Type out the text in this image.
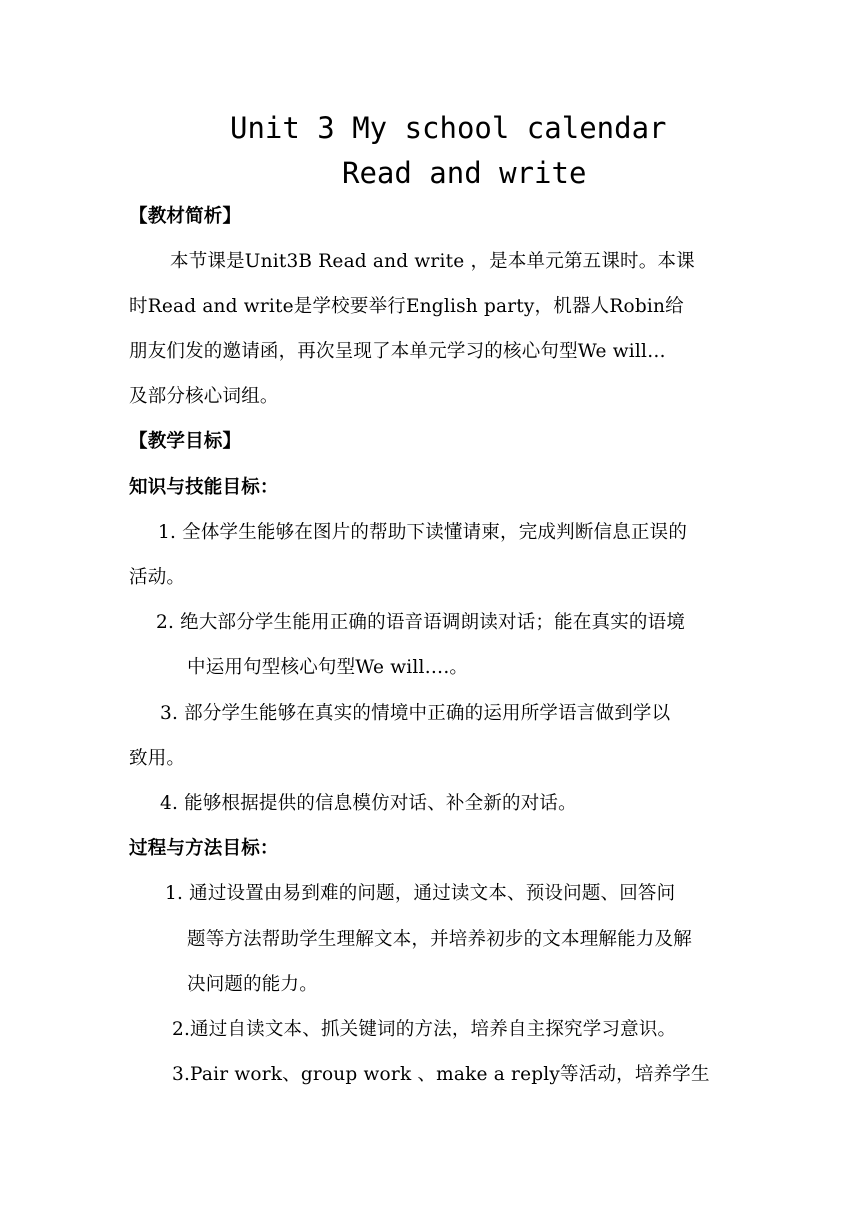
Unit 3 My school calendar
Read and write
【教材简析】
本节课是Unit3B Read and write ，是本单元第五课时。本课
时Read and write是学校要举行English party，机器人Robin给
朋友们发的邀请函，再次呈现了本单元学习的核心句型We will…
及部分核心词组。
【教学目标】
知识与技能目标：
1. 全体学生能够在图片的帮助下读懂请柬，完成判断信息正误的
活动。
2. 绝大部分学生能用正确的语音语调朗读对话；能在真实的语境
中运用句型核心句型We will….。
3. 部分学生能够在真实的情境中正确的运用所学语言做到学以
致用。
4. 能够根据提供的信息模仿对话、补全新的对话。
过程与方法目标：
1. 通过设置由易到难的问题，通过读文本、预设问题、回答问
题等方法帮助学生理解文本，并培养初步的文本理解能力及解
决问题的能力。
2.通过自读文本、抓关键词的方法，培养自主探究学习意识。
3.Pair work、group work 、make a reply等活动，培养学生
